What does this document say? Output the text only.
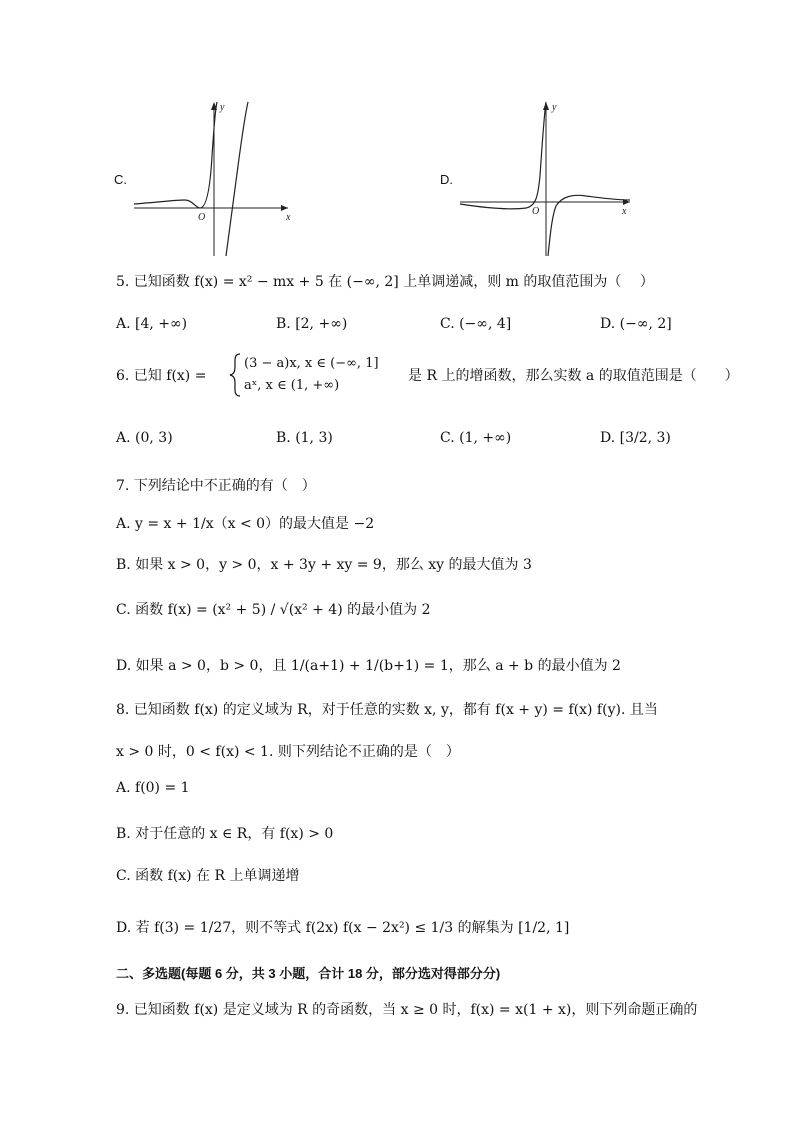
C.
y
x
O
D.
y
x
O
5. 已知函数 f(x) = x² − mx + 5 在 (−∞, 2] 上单调递减，则 m 的取值范围为（　 ）
A. [4, +∞)	B. [2, +∞)	C. (−∞, 4]	D. (−∞, 2]
6. 已知 f(x) =
(3 − a)x, x ∈ (−∞, 1]
aˣ, x ∈ (1, +∞)
是 R 上的增函数，那么实数 a 的取值范围是（　　）
A. (0, 3)	B. (1, 3)	C. (1, +∞)	D. [3/2, 3)
7. 下列结论中不正确的有（　）
A. y = x + 1/x（x < 0）的最大值是 −2
B. 如果 x > 0，y > 0，x + 3y + xy = 9，那么 xy 的最大值为 3
C. 函数 f(x) = (x² + 5) / √(x² + 4) 的最小值为 2
D. 如果 a > 0，b > 0，且 1/(a+1) + 1/(b+1) = 1，那么 a + b 的最小值为 2
8. 已知函数 f(x) 的定义域为 R，对于任意的实数 x, y，都有 f(x + y) = f(x) f(y). 且当
x > 0 时，0 < f(x) < 1. 则下列结论不正确的是（　）
A. f(0) = 1
B. 对于任意的 x ∈ R，有 f(x) > 0
C. 函数 f(x) 在 R 上单调递增
D. 若 f(3) = 1/27，则不等式 f(2x) f(x − 2x²) ≤ 1/3 的解集为 [1/2, 1]
二、多选题(每题 6 分，共 3 小题，合计 18 分，部分选对得部分分)
9. 已知函数 f(x) 是定义域为 R 的奇函数，当 x ≥ 0 时，f(x) = x(1 + x)，则下列命题正确的
